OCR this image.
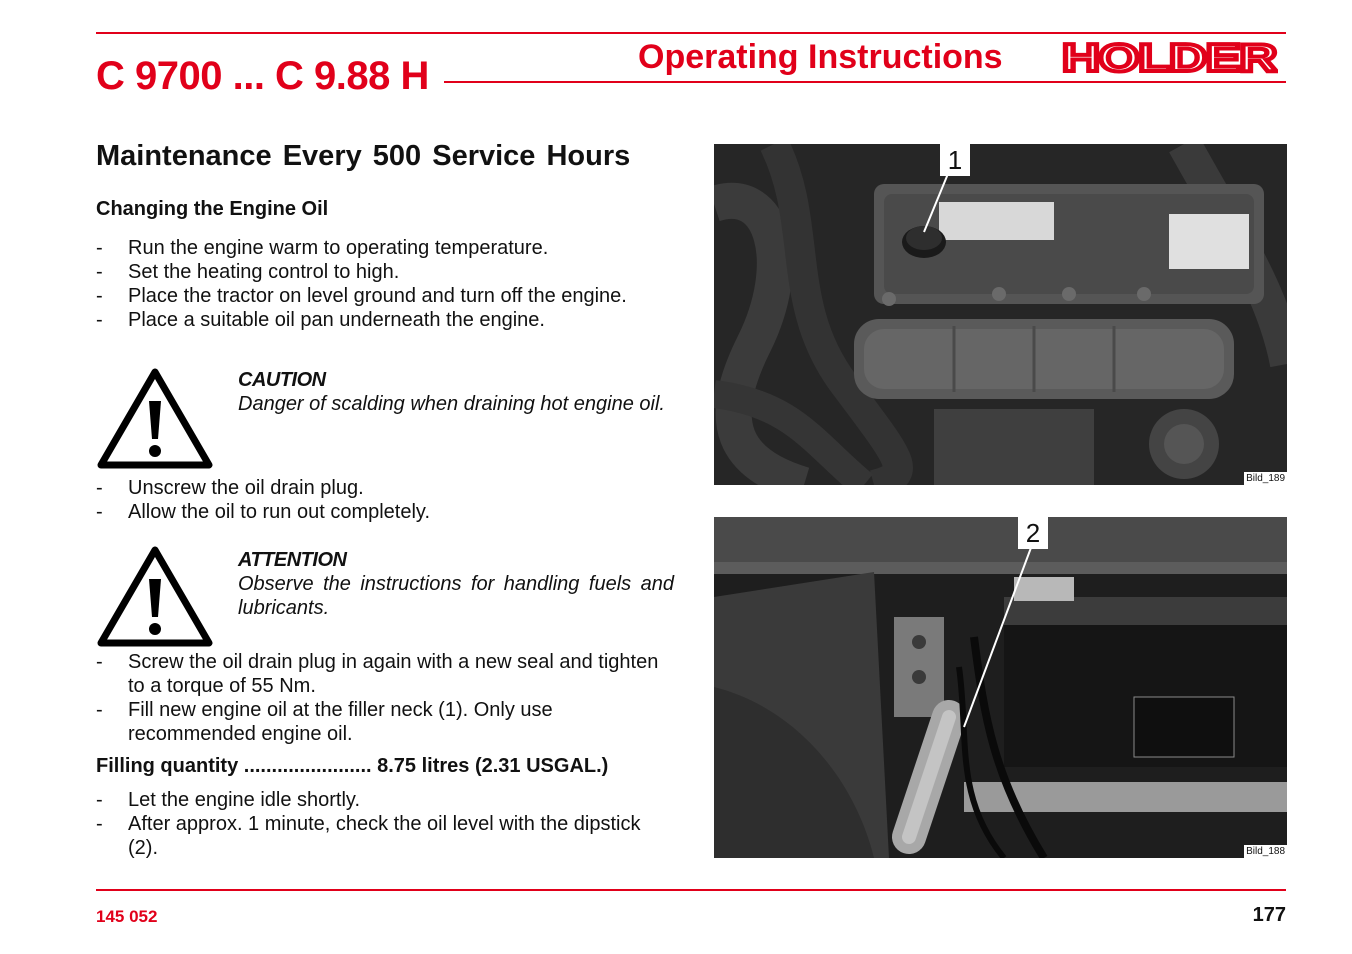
C 9700 ... C 9.88 H	Operating Instructions HOLDER
Maintenance Every 500 Service Hours
Changing the Engine Oil
- Run the engine warm to operating temperature.
- Set the heating control to high.
- Place the tractor on level ground and turn off the engine.
- Place a suitable oil pan underneath the engine.
CAUTION
Danger of scalding when draining hot engine oil.
- Unscrew the oil drain plug.
- Allow the oil to run out completely.
ATTENTION
Observe the instructions for handling fuels and lubricants.
- Screw the oil drain plug in again with a new seal and tighten to a torque of 55 Nm.
- Fill new engine oil at the filler neck (1). Only use recommended engine oil.
Filling quantity ....................... 8.75 litres (2.31 USGAL.)
- Let the engine idle shortly.
- After approx. 1 minute, check the oil level with the dipstick (2).
1
Bild_189
2
Bild_188
145 052	177
